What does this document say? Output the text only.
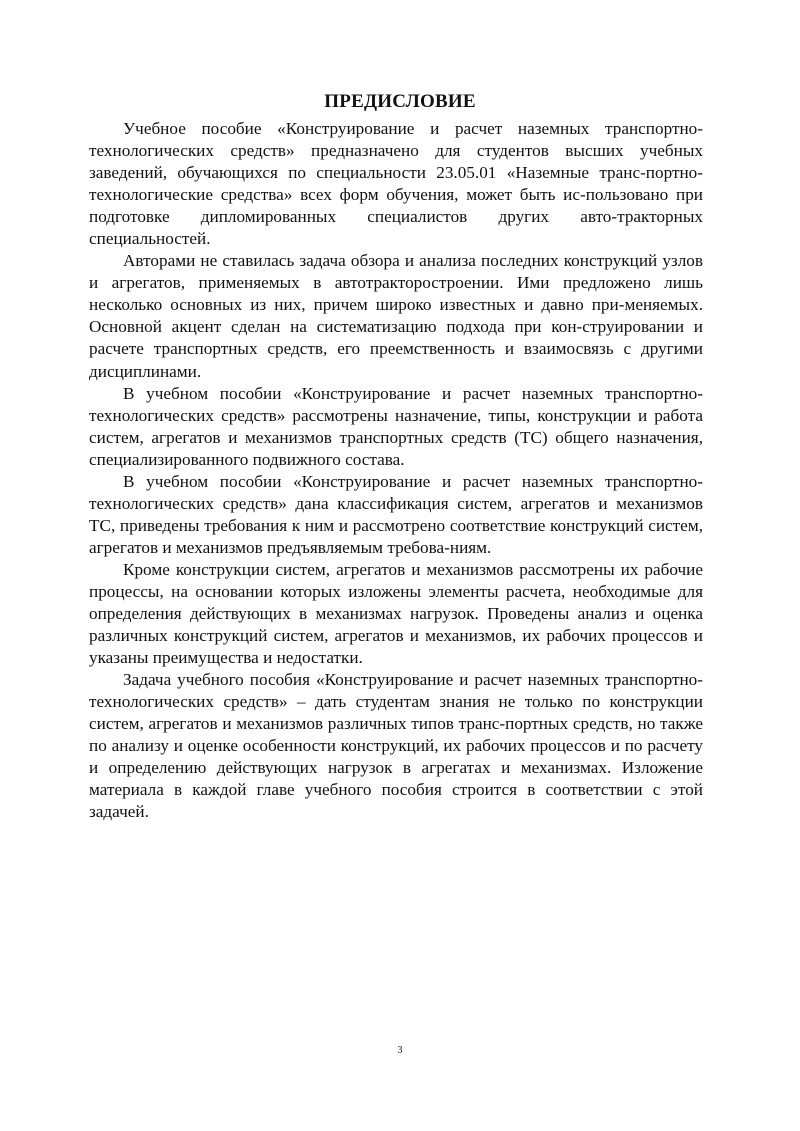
ПРЕДИСЛОВИЕ

Учебное пособие «Конструирование и расчет наземных транспортно-технологических средств» предназначено для студентов высших учебных заведений, обучающихся по специальности 23.05.01 «Наземные транс-портно-технологические средства» всех форм обучения, может быть ис-пользовано при подготовке дипломированных специалистов других авто-тракторных специальностей.

Авторами не ставилась задача обзора и анализа последних конструкций узлов и агрегатов, применяемых в автотракторостроении. Ими предложено лишь несколько основных из них, причем широко известных и давно при-меняемых. Основной акцент сделан на систематизацию подхода при кон-струировании и расчете транспортных средств, его преемственность и взаимосвязь с другими дисциплинами.

В учебном пособии «Конструирование и расчет наземных транспортно-технологических средств» рассмотрены назначение, типы, конструкции и работа систем, агрегатов и механизмов транспортных средств (ТС) общего назначения, специализированного подвижного состава.

В учебном пособии «Конструирование и расчет наземных транспортно-технологических средств» дана классификация систем, агрегатов и механизмов ТС, приведены требования к ним и рассмотрено соответствие конструкций систем, агрегатов и механизмов предъявляемым требова-ниям.

Кроме конструкции систем, агрегатов и механизмов рассмотрены их рабочие процессы, на основании которых изложены элементы расчета, необходимые для определения действующих в механизмах нагрузок. Проведены анализ и оценка различных конструкций систем, агрегатов и механизмов, их рабочих процессов и указаны преимущества и недостатки.

Задача учебного пособия «Конструирование и расчет наземных транспортно-технологических средств» – дать студентам знания не только по конструкции систем, агрегатов и механизмов различных типов транс-портных средств, но также по анализу и оценке особенности конструкций, их рабочих процессов и по расчету и определению действующих нагрузок в агрегатах и механизмах. Изложение материала в каждой главе учебного пособия строится в соответствии с этой задачей.

3
